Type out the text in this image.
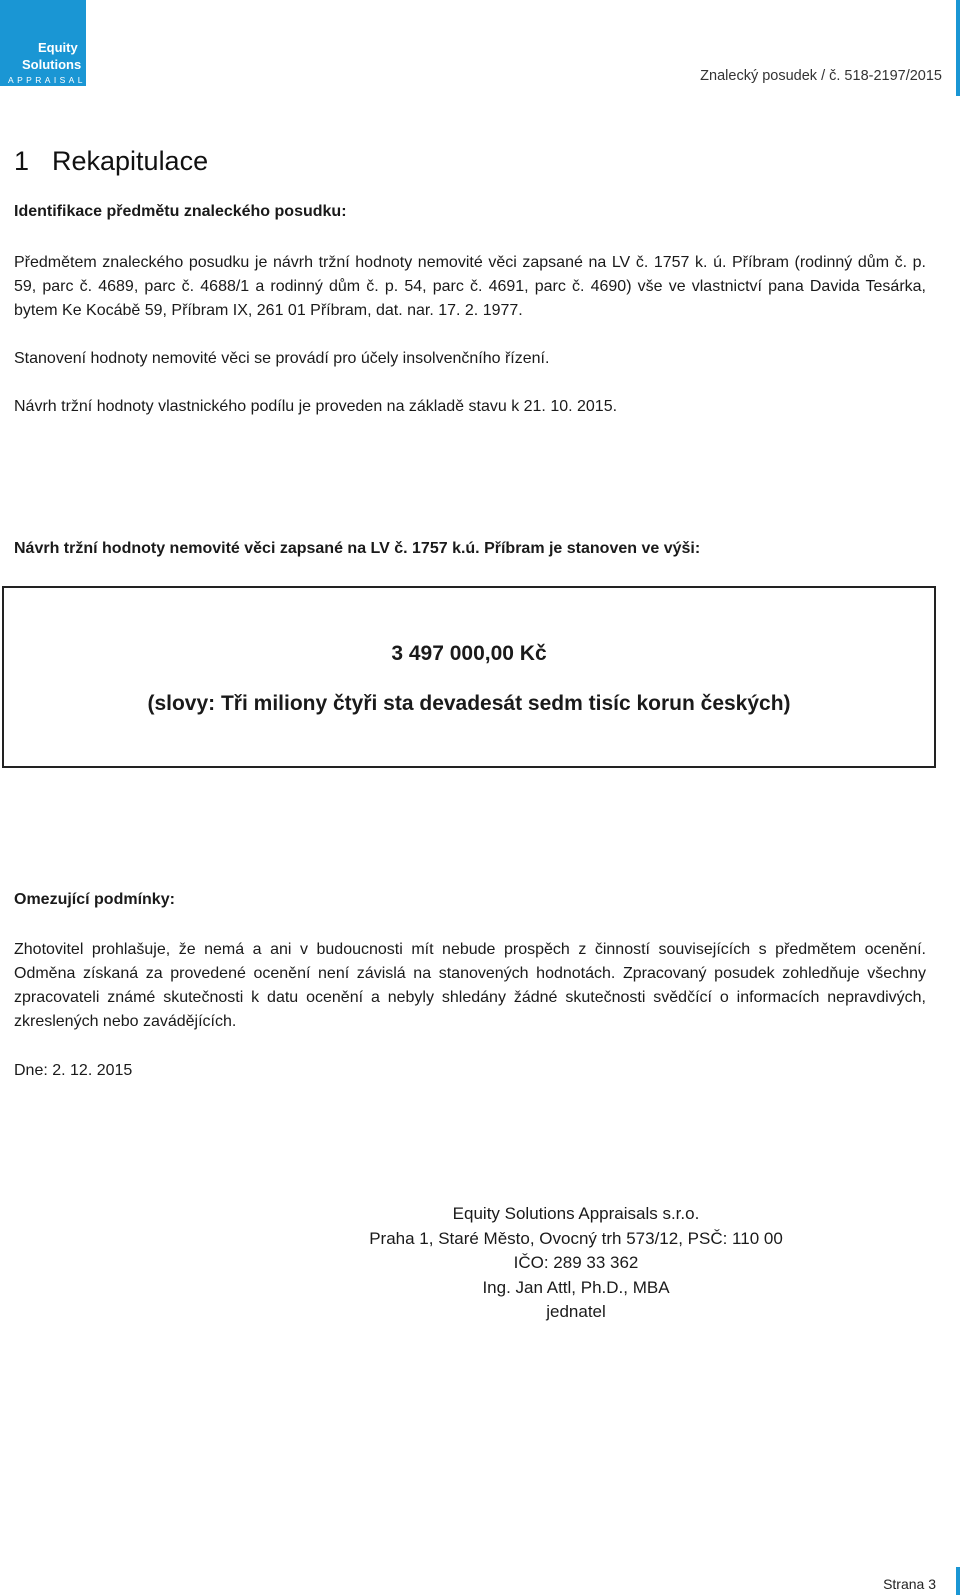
Equity
Solutions
APPRAISALS	Znalecký posudek / č. 518-2197/2015
1 Rekapitulace
Identifikace předmětu znaleckého posudku:
Předmětem znaleckého posudku je návrh tržní hodnoty nemovité věci zapsané na LV č. 1757 k. ú. Příbram (rodinný dům č. p. 59, parc č. 4689, parc č. 4688/1 a rodinný dům č. p. 54, parc č. 4691, parc č. 4690) vše ve vlastnictví pana Davida Tesárka, bytem Ke Kocábě 59, Příbram IX, 261 01 Příbram, dat. nar. 17. 2. 1977.
Stanovení hodnoty nemovité věci se provádí pro účely insolvenčního řízení.
Návrh tržní hodnoty vlastnického podílu je proveden na základě stavu k 21. 10. 2015.
Návrh tržní hodnoty nemovité věci zapsané na LV č. 1757 k.ú. Příbram je stanoven ve výši:
3 497 000,00 Kč
(slovy: Tři miliony čtyři sta devadesát sedm tisíc korun českých)
Omezující podmínky:
Zhotovitel prohlašuje, že nemá a ani v budoucnosti mít nebude prospěch z činností souvisejících s předmětem ocenění. Odměna získaná za provedené ocenění není závislá na stanovených hodnotách. Zpracovaný posudek zohledňuje všechny zpracovateli známé skutečnosti k datu ocenění a nebyly shledány žádné skutečnosti svědčící o informacích nepravdivých, zkreslených nebo zavádějících.
Dne: 2. 12. 2015
Equity Solutions Appraisals s.r.o.
Praha 1, Staré Město, Ovocný trh 573/12, PSČ: 110 00
IČO: 289 33 362
Ing. Jan Attl, Ph.D., MBA
jednatel
Strana 3
